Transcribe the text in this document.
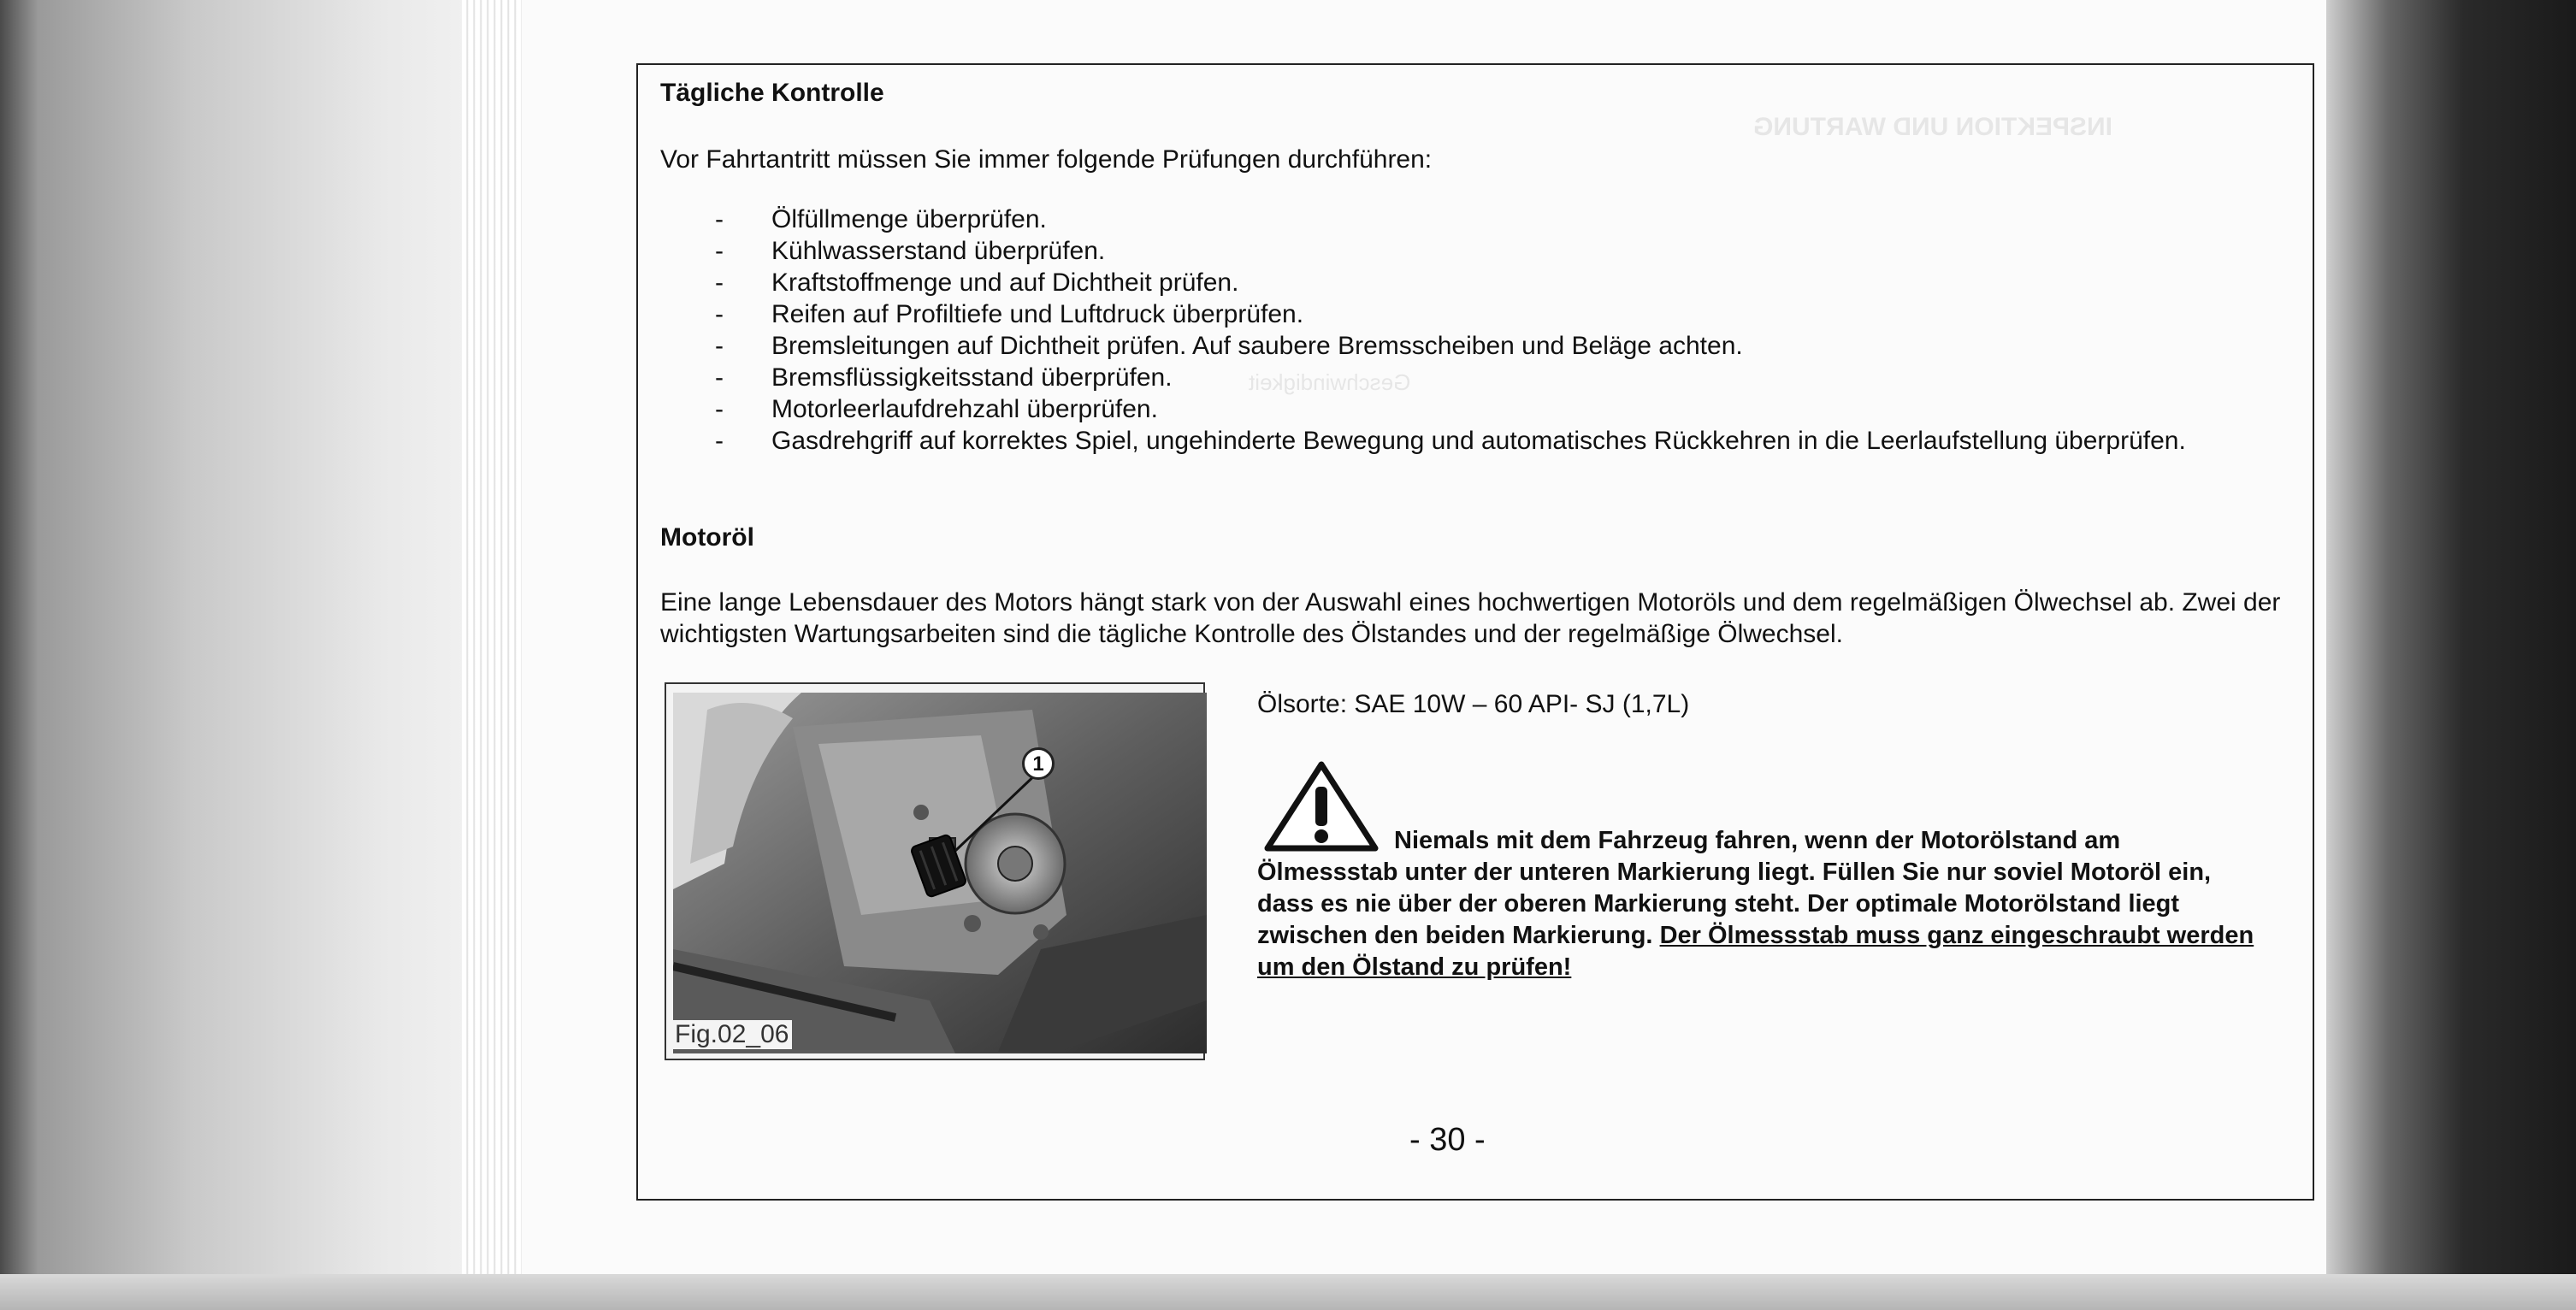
INSPEKTION UND WARTUNG
Geschwindigkeit
Tägliche Kontrolle
Vor Fahrtantritt müssen Sie immer folgende Prüfungen durchführen:
- Ölfüllmenge überprüfen.
- Kühlwasserstand überprüfen.
- Kraftstoffmenge und auf Dichtheit prüfen.
- Reifen auf Profiltiefe und Luftdruck überprüfen.
- Bremsleitungen auf Dichtheit prüfen. Auf saubere Bremsscheiben und Beläge achten.
- Bremsflüssigkeitsstand überprüfen.
- Motorleerlaufdrehzahl überprüfen.
- Gasdrehgriff auf korrektes Spiel, ungehinderte Bewegung und automatisches Rückkehren in die Leerlaufstellung überprüfen.
Motoröl

Eine lange Lebensdauer des Motors hängt stark von der Auswahl eines hochwertigen Motoröls und dem regelmäßigen Ölwechsel ab. Zwei der wichtigsten Wartungsarbeiten sind die tägliche Kontrolle des Ölstandes und der regelmäßige Ölwechsel.

1
Fig.02_06
Ölsorte: SAE 10W – 60 API- SJ (1,7L)

Niemals mit dem Fahrzeug fahren, wenn der Motorölstand am
Ölmessstab unter der unteren Markierung liegt. Füllen Sie nur soviel Motoröl ein, dass es nie über der oberen Markierung steht. Der optimale Motorölstand liegt zwischen den beiden Markierung. Der Ölmessstab muss ganz eingeschraubt werden um den Ölstand zu prüfen!

- 30 -
